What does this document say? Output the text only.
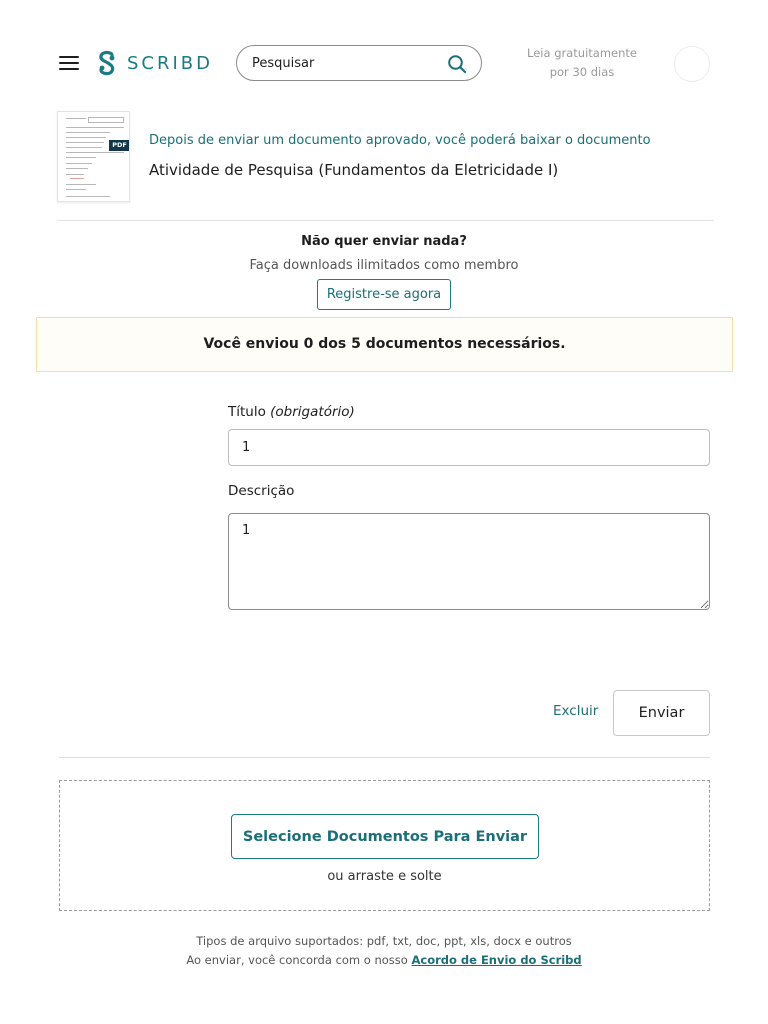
SCRIBD
Pesquisar	Leia gratuitamente
por 30 dias
PDF Depois de enviar um documento aprovado, você poderá baixar o documento
Atividade de Pesquisa (Fundamentos da Eletricidade I)
Não quer enviar nada?
Faça downloads ilimitados como membro
Registre-se agora
Você enviou 0 dos 5 documentos necessários.
Título (obrigatório)
1
Descrição
1
Excluir	Enviar
Selecione Documentos Para Enviar
ou arraste e solte
Tipos de arquivo suportados: pdf, txt, doc, ppt, xls, docx e outros
Ao enviar, você concorda com o nosso Acordo de Envio do Scribd
